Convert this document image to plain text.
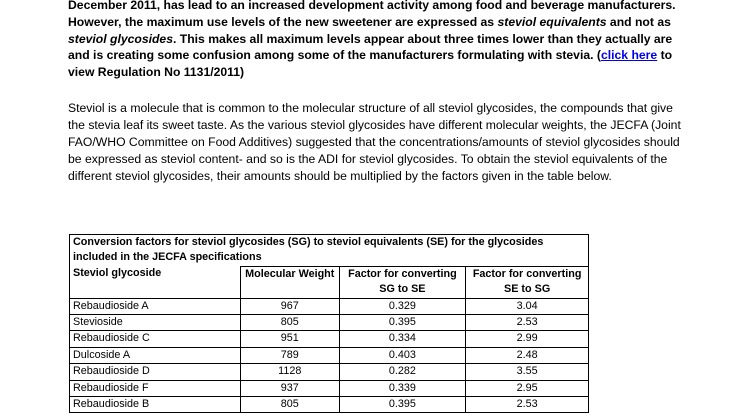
December 2011, has lead to an increased development activity among food and beverage manufacturers.
However, the maximum use levels of the new sweetener are expressed as steviol equivalents and not as
steviol glycosides. This makes all maximum levels appear about three times lower than they actually are
and is creating some confusion among some of the manufacturers formulating with stevia. (click here to
view Regulation No 1131/2011)

Steviol is a molecule that is common to the molecular structure of all steviol glycosides, the compounds that give the stevia leaf its sweet taste. As the various steviol glycosides have different molecular weights, the JECFA (Joint FAO/WHO Committee on Food Additives) suggested that the concentrations/amounts of steviol glycosides should be expressed as steviol content- and so is the ADI for steviol glycosides. To obtain the steviol equivalents of the different steviol glycosides, their amounts should be multiplied by the factors given in the table below.

Conversion factors for steviol glycosides (SG) to steviol equivalents (SE) for the glycosides included in the JECFA specifications			
Steviol glycoside	Molecular Weight	Factor for converting SG to SE	Factor for converting SE to SG
Rebaudioside A	967	0.329	3.04
Stevioside	805	0.395	2.53
Rebaudioside C	951	0.334	2.99
Dulcoside A	789	0.403	2.48
Rebaudioside D	1128	0.282	3.55
Rebaudioside F	937	0.339	2.95
Rebaudioside B	805	0.395	2.53
